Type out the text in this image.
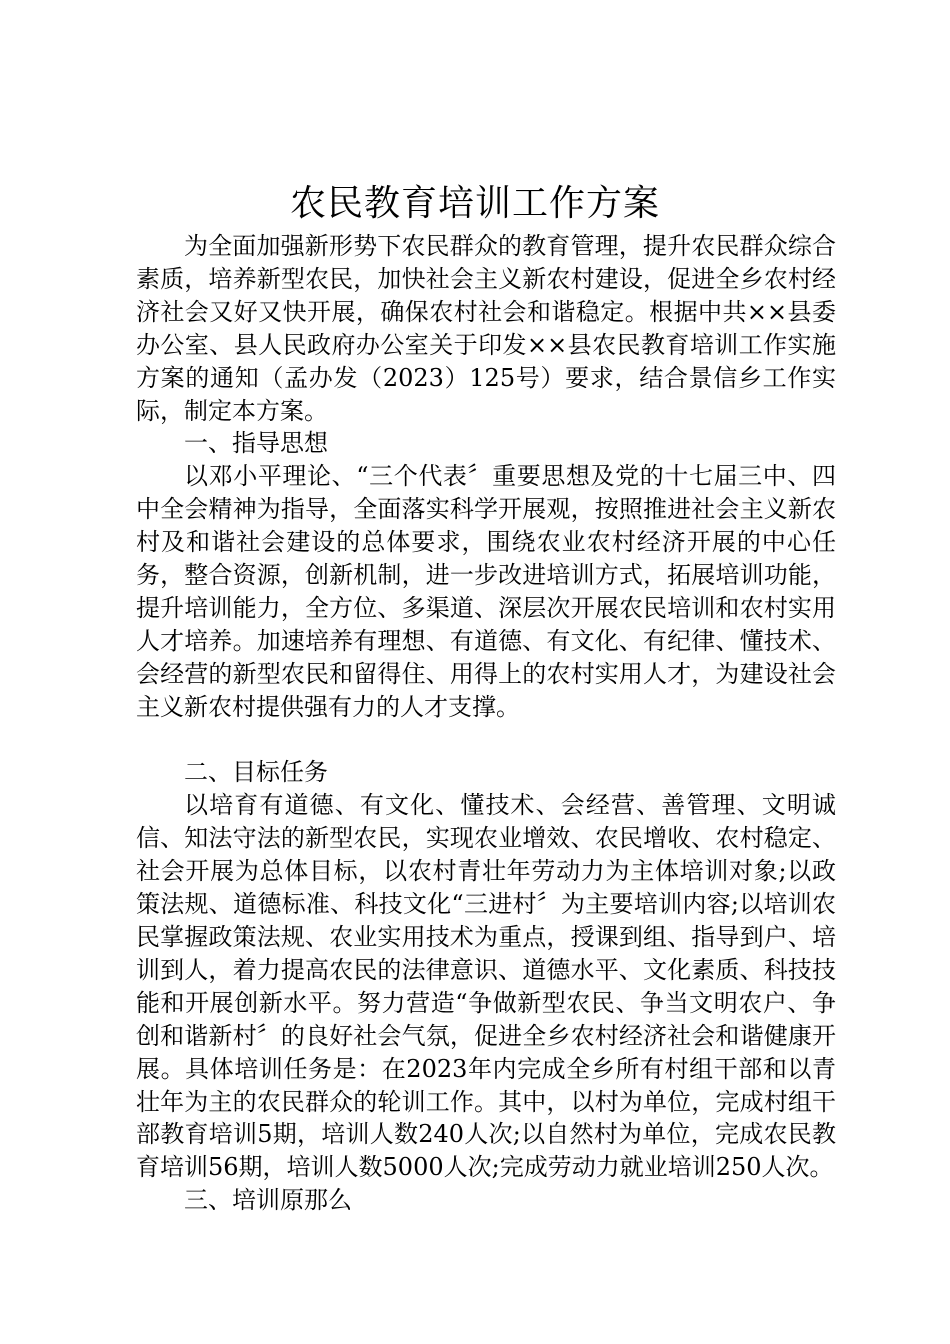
农民教育培训工作方案

为全面加强新形势下农民群众的教育管理，提升农民群众综合素质，培养新型农民，加快社会主义新农村建设，促进全乡农村经济社会又好又快开展，确保农村社会和谐稳定。根据中共××县委办公室、县人民政府办公室关于印发××县农民教育培训工作实施方案的通知（孟办发（2023）125号）要求，结合景信乡工作实际，制定本方案。

一、指导思想

以邓小平理论、“三个代表〞重要思想及党的十七届三中、四中全会精神为指导，全面落实科学开展观，按照推进社会主义新农村及和谐社会建设的总体要求，围绕农业农村经济开展的中心任务，整合资源，创新机制，进一步改进培训方式，拓展培训功能，提升培训能力，全方位、多渠道、深层次开展农民培训和农村实用人才培养。加速培养有理想、有道德、有文化、有纪律、懂技术、会经营的新型农民和留得住、用得上的农村实用人才，为建设社会主义新农村提供强有力的人才支撑。

二、目标任务

以培育有道德、有文化、懂技术、会经营、善管理、文明诚信、知法守法的新型农民，实现农业增效、农民增收、农村稳定、社会开展为总体目标，以农村青壮年劳动力为主体培训对象;以政策法规、道德标准、科技文化“三进村〞为主要培训内容;以培训农民掌握政策法规、农业实用技术为重点，授课到组、指导到户、培训到人，着力提高农民的法律意识、道德水平、文化素质、科技技能和开展创新水平。努力营造“争做新型农民、争当文明农户、争创和谐新村〞的良好社会气氛，促进全乡农村经济社会和谐健康开展。具体培训任务是：在2023年内完成全乡所有村组干部和以青壮年为主的农民群众的轮训工作。其中，以村为单位，完成村组干部教育培训5期，培训人数240人次;以自然村为单位，完成农民教育培训56期，培训人数5000人次;完成劳动力就业培训250人次。

三、培训原那么
